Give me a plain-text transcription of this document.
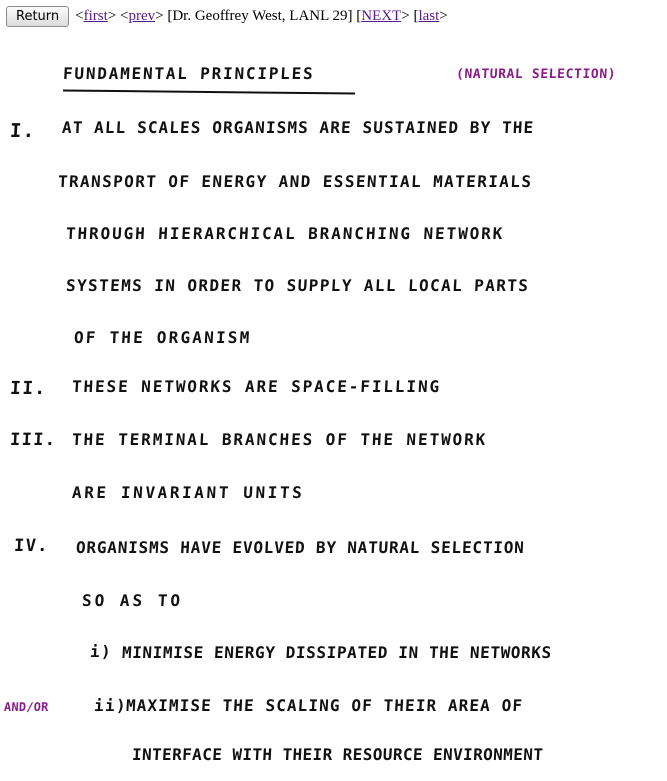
Return	< first >
< prev >
[Dr. Geoffrey West, LANL 29]
[ NEXT >
[ last >
FUNDAMENTAL PRINCIPLES	(NATURAL SELECTION)
I. AT ALL SCALES ORGANISMS ARE SUSTAINED BY THE
TRANSPORT OF ENERGY AND ESSENTIAL MATERIALS
THROUGH HIERARCHICAL BRANCHING NETWORK
SYSTEMS IN ORDER TO SUPPLY ALL LOCAL PARTS
OF THE ORGANISM
II. THESE NETWORKS ARE SPACE-FILLING
III. THE TERMINAL BRANCHES OF THE NETWORK
ARE INVARIANT UNITS
IV. ORGANISMS HAVE EVOLVED BY NATURAL SELECTION
SO AS TO
i) MINIMISE ENERGY DISSIPATED IN THE NETWORKS
AND/OR	ii)
MAXIMISE THE SCALING OF THEIR AREA OF
INTERFACE WITH THEIR RESOURCE ENVIRONMENT
